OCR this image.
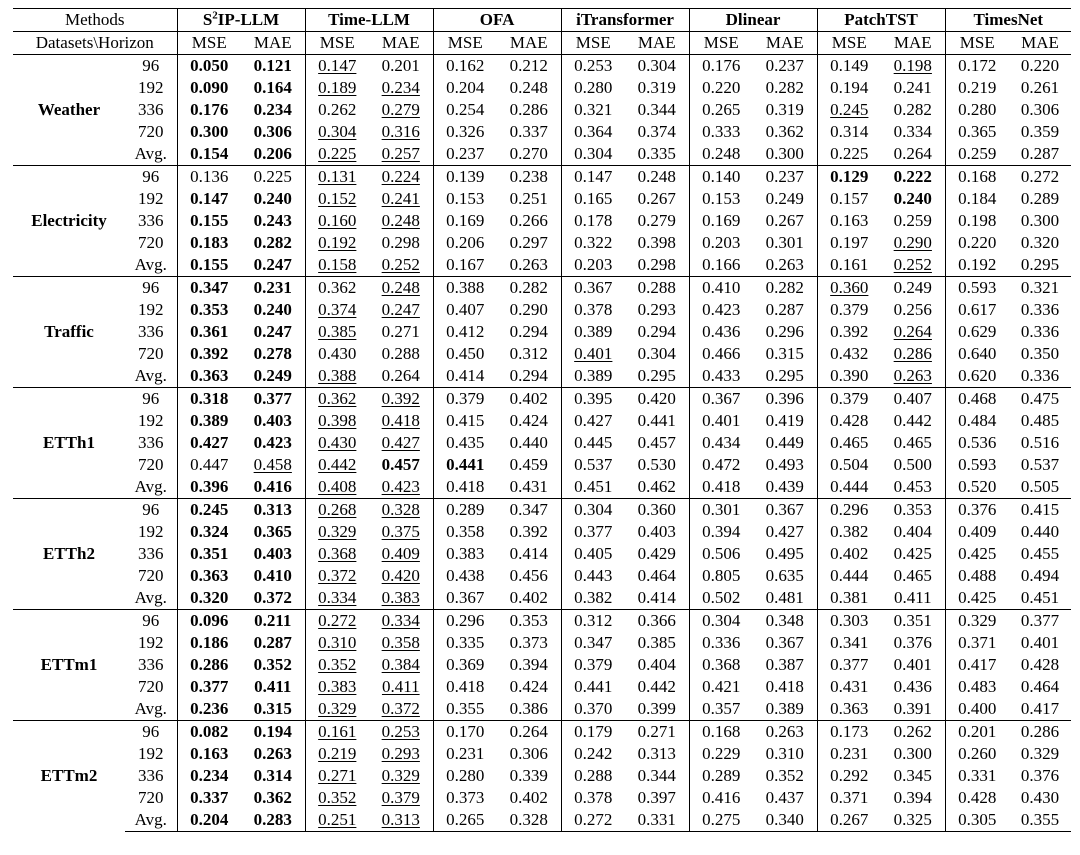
Methods		$S^2IP$-LLM		Time-LLM		OFA		iTransformer		Dlinear		PatchTST		TimesNet	
Datasets\Horizon		MSE	MAE	MSE	MAE	MSE	MAE	MSE	MAE	MSE	MAE	MSE	MAE	MSE	MAE
Weather	96	0.050	0.121	0.147	0.201	0.162	0.212	0.253	0.304	0.176	0.237	0.149	0.198	0.172	0.220
	192	0.090	0.164	0.189	0.234	0.204	0.248	0.280	0.319	0.220	0.282	0.194	0.241	0.219	0.261
	336	0.176	0.234	0.262	0.279	0.254	0.286	0.321	0.344	0.265	0.319	0.245	0.282	0.280	0.306
	720	0.300	0.306	0.304	0.316	0.326	0.337	0.364	0.374	0.333	0.362	0.314	0.334	0.365	0.359
	Avg.	0.154	0.206	0.225	0.257	0.237	0.270	0.304	0.335	0.248	0.300	0.225	0.264	0.259	0.287
Electricity	96	0.136	0.225	0.131	0.224	0.139	0.238	0.147	0.248	0.140	0.237	0.129	0.222	0.168	0.272
	192	0.147	0.240	0.152	0.241	0.153	0.251	0.165	0.267	0.153	0.249	0.157	0.240	0.184	0.289
	336	0.155	0.243	0.160	0.248	0.169	0.266	0.178	0.279	0.169	0.267	0.163	0.259	0.198	0.300
	720	0.183	0.282	0.192	0.298	0.206	0.297	0.322	0.398	0.203	0.301	0.197	0.290	0.220	0.320
	Avg.	0.155	0.247	0.158	0.252	0.167	0.263	0.203	0.298	0.166	0.263	0.161	0.252	0.192	0.295
Traffic	96	0.347	0.231	0.362	0.248	0.388	0.282	0.367	0.288	0.410	0.282	0.360	0.249	0.593	0.321
	192	0.353	0.240	0.374	0.247	0.407	0.290	0.378	0.293	0.423	0.287	0.379	0.256	0.617	0.336
	336	0.361	0.247	0.385	0.271	0.412	0.294	0.389	0.294	0.436	0.296	0.392	0.264	0.629	0.336
	720	0.392	0.278	0.430	0.288	0.450	0.312	0.401	0.304	0.466	0.315	0.432	0.286	0.640	0.350
	Avg.	0.363	0.249	0.388	0.264	0.414	0.294	0.389	0.295	0.433	0.295	0.390	0.263	0.620	0.336
ETTh1	96	0.318	0.377	0.362	0.392	0.379	0.402	0.395	0.420	0.367	0.396	0.379	0.407	0.468	0.475
	192	0.389	0.403	0.398	0.418	0.415	0.424	0.427	0.441	0.401	0.419	0.428	0.442	0.484	0.485
	336	0.427	0.423	0.430	0.427	0.435	0.440	0.445	0.457	0.434	0.449	0.465	0.465	0.536	0.516
	720	0.447	0.458	0.442	0.457	0.441	0.459	0.537	0.530	0.472	0.493	0.504	0.500	0.593	0.537
	Avg.	0.396	0.416	0.408	0.423	0.418	0.431	0.451	0.462	0.418	0.439	0.444	0.453	0.520	0.505
ETTh2	96	0.245	0.313	0.268	0.328	0.289	0.347	0.304	0.360	0.301	0.367	0.296	0.353	0.376	0.415
	192	0.324	0.365	0.329	0.375	0.358	0.392	0.377	0.403	0.394	0.427	0.382	0.404	0.409	0.440
	336	0.351	0.403	0.368	0.409	0.383	0.414	0.405	0.429	0.506	0.495	0.402	0.425	0.425	0.455
	720	0.363	0.410	0.372	0.420	0.438	0.456	0.443	0.464	0.805	0.635	0.444	0.465	0.488	0.494
	Avg.	0.320	0.372	0.334	0.383	0.367	0.402	0.382	0.414	0.502	0.481	0.381	0.411	0.425	0.451
ETTm1	96	0.096	0.211	0.272	0.334	0.296	0.353	0.312	0.366	0.304	0.348	0.303	0.351	0.329	0.377
	192	0.186	0.287	0.310	0.358	0.335	0.373	0.347	0.385	0.336	0.367	0.341	0.376	0.371	0.401
	336	0.286	0.352	0.352	0.384	0.369	0.394	0.379	0.404	0.368	0.387	0.377	0.401	0.417	0.428
	720	0.377	0.411	0.383	0.411	0.418	0.424	0.441	0.442	0.421	0.418	0.431	0.436	0.483	0.464
	Avg.	0.236	0.315	0.329	0.372	0.355	0.386	0.370	0.399	0.357	0.389	0.363	0.391	0.400	0.417
ETTm2	96	0.082	0.194	0.161	0.253	0.170	0.264	0.179	0.271	0.168	0.263	0.173	0.262	0.201	0.286
	192	0.163	0.263	0.219	0.293	0.231	0.306	0.242	0.313	0.229	0.310	0.231	0.300	0.260	0.329
	336	0.234	0.314	0.271	0.329	0.280	0.339	0.288	0.344	0.289	0.352	0.292	0.345	0.331	0.376
	720	0.337	0.362	0.352	0.379	0.373	0.402	0.378	0.397	0.416	0.437	0.371	0.394	0.428	0.430
	Avg.	0.204	0.283	0.251	0.313	0.265	0.328	0.272	0.331	0.275	0.340	0.267	0.325	0.305	0.355
